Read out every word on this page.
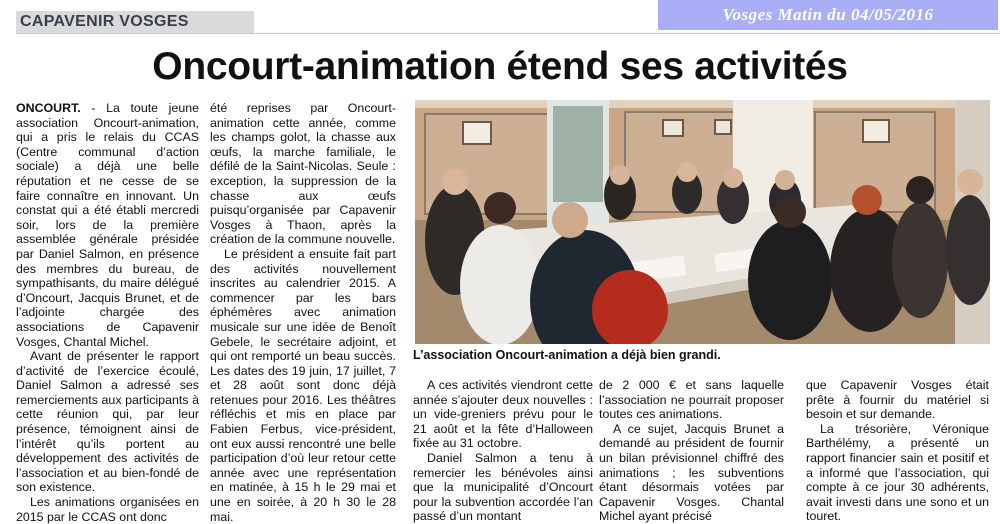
CAPAVENIR VOSGES	Vosges Matin du 04/05/2016
Oncourt-animation étend ses activités

ONCOURT. - La toute jeune association Oncourt-animation, qui a pris le relais du CCAS (Centre communal d’action sociale) a déjà une belle réputation et ne cesse de se faire connaître en innovant. Un constat qui a été établi mercredi soir, lors de la première assemblée générale présidée par Daniel Salmon, en présence des membres du bureau, de sympathisants, du maire délégué d’Oncourt, Jacquis Brunet, et de l’adjointe chargée des associations de Capavenir Vosges, Chantal Michel.

Avant de présenter le rapport d’activité de l’exercice écoulé, Daniel Salmon a adressé ses remerciements aux participants à cette réunion qui, par leur présence, témoignent ainsi de l’intérêt qu’ils portent au développement des activités de l’association et au bien-fondé de son existence.

Les animations organisées en 2015 par le CCAS ont donc

été reprises par Oncourt-animation cette année, comme les champs golot, la chasse aux œufs, la marche familiale, le défilé de la Saint-Nicolas. Seule : exception, la suppression de la chasse aux œufs puisqu’organisée par Capavenir Vosges à Thaon, après la création de la commune nouvelle.

Le président a ensuite fait part des activités nouvellement inscrites au calendrier 2015. A commencer par les bars éphémères avec animation musicale sur une idée de Benoît Gebele, le secrétaire adjoint, et qui ont remporté un beau succès. Les dates des 19 juin, 17 juillet, 7 et 28 août sont donc déjà retenues pour 2016. Les théâtres réfléchis et mis en place par Fabien Ferbus, vice-président, ont eux aussi rencontré une belle participation d’où leur retour cette année avec une représentation en matinée, à 15 h le 29 mai et une en soirée, à 20 h 30 le 28 mai.

L’association Oncourt-animation a déjà bien grandi.

A ces activités viendront cette année s’ajouter deux nouvelles : un vide-greniers prévu pour le 21 août et la fête d’Halloween fixée au 31 octobre.

Daniel Salmon a tenu à remercier les bénévoles ainsi que la municipalité d’Oncourt pour la subvention accordée l’an passé d’un montant

de 2 000 € et sans laquelle l’association ne pourrait proposer toutes ces animations.

A ce sujet, Jacquis Brunet a demandé au président de fournir un bilan prévisionnel chiffré des animations ; les subventions étant désormais votées par Capavenir Vosges. Chantal Michel ayant précisé

que Capavenir Vosges était prête à fournir du matériel si besoin et sur demande.

La trésorière, Véronique Barthélémy, a présenté un rapport financier sain et positif et a informé que l’association, qui compte à ce jour 30 adhérents, avait investi dans une sono et un touret.
